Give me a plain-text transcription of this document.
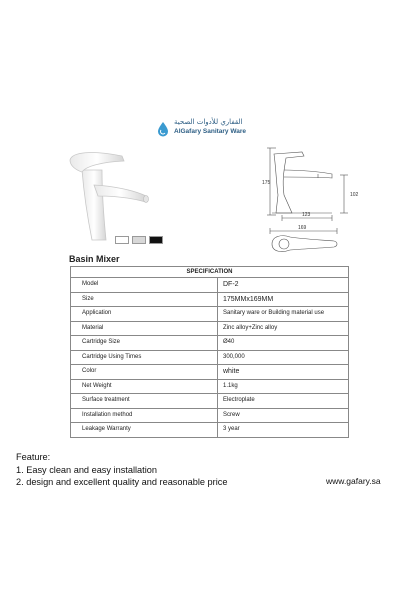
القفاري للأدوات الصحية
AlGafary Sanitary Ware
175
102
123
169
Basin Mixer
SPECIFICATION	
Model	DF-2
Size	175MMx169MM
Application	Sanitary ware or Building material use
Material	Zinc alloy+Zinc alloy
Cartridge Size	Ø40
Cartridge Using Times	300,000
Color	white
Net Weight	1.1kg
Surface treatment	Electroplate
Installation method	Screw
Leakage Warranty	3 year
Feature:
1. Easy clean and easy installation
2. design and excellent quality and reasonable price	www.gafary.sa
